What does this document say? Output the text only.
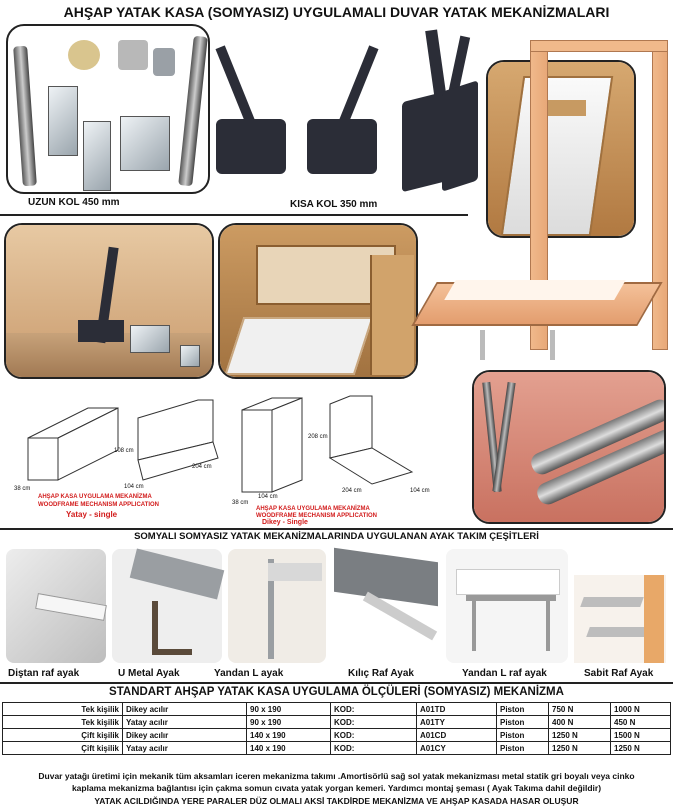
AHŞAP YATAK KASA (SOMYASIZ) UYGULAMALI DUVAR YATAK MEKANİZMALARI
UZUN KOL 450 mm	KISA KOL 350 mm
108 cm
204 cm
104 cm
38 cm
AHŞAP KASA UYGULAMA MEKANİZMA
WOODFRAME MECHANISM APPLICATION
Yatay - single
208 cm
104 cm
204 cm	104 cm
38 cm
AHŞAP KASA UYGULAMA MEKANİZMA
WOODFRAME MECHANISM APPLICATION
Dikey - Single
SOMYALI SOMYASIZ YATAK MEKANİZMALARINDA UYGULANAN AYAK TAKIM ÇEŞİTLERİ
Diştan raf ayak	U Metal Ayak	Yandan L ayak	Kılıç Raf Ayak	Yandan L raf ayak	Sabit Raf Ayak
STANDART AHŞAP YATAK KASA UYGULAMA ÖLÇÜLERİ (SOMYASIZ) MEKANİZMA
Tek kişilik	Dikey acılır	90 x 190	KOD:	A01TD	Piston	750 N	1000 N
Tek kişilik	Yatay acılır	90 x 190	KOD:	A01TY	Piston	400 N	450 N
Çift kişilik	Dikey acılır	140 x 190	KOD:	A01CD	Piston	1250 N	1500 N
Çift kişilik	Yatay acılır	140 x 190	KOD:	A01CY	Piston	1250 N	1250 N
Duvar yatağı üretimi için mekanik tüm aksamları iceren mekanizma takımı .Amortisörlü sağ sol yatak mekanizması metal statik gri boyalı veya cinko
kaplama mekanizma bağlantısı için çakma somun cıvata yatak yorgan kemeri. Yardımcı montaj şeması ( Ayak Takıma dahil değildir)
YATAK ACILDIĞINDA YERE PARALER DÜZ OLMALI AKSİ TAKDİRDE MEKANİZMA VE AHŞAP KASADA HASAR OLUŞUR
